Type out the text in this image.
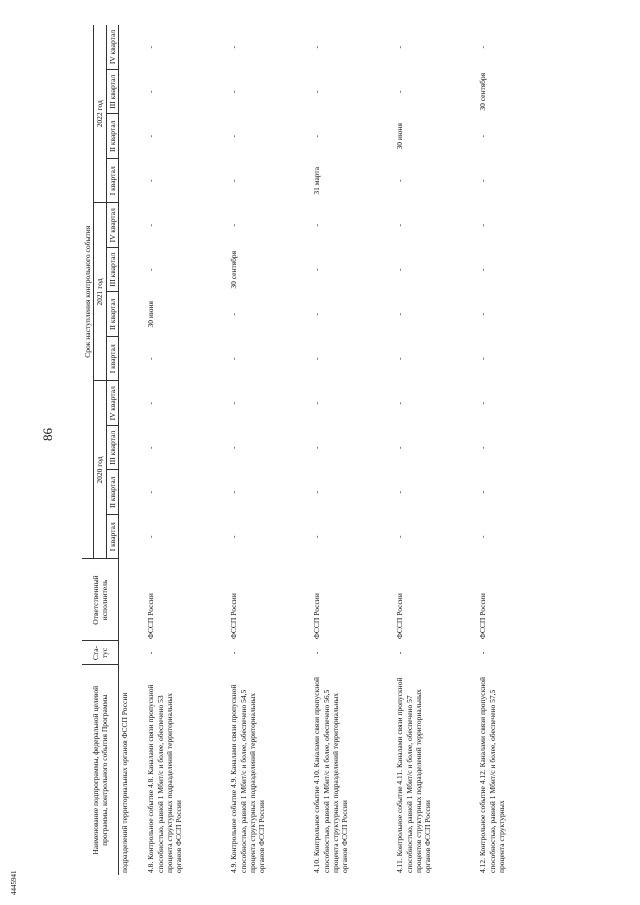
86
4445941
Наименование подпрограммы, федеральной целевой программы, контрольного события Программы	Ста-тус	Ответственный исполнитель	Срок наступления контрольного события											
			2020 год				2021 год				2022 год			
			I квартал	II квартал	III квартал	IV квартал	I квартал	II квартал	III квартал	IV квартал	I квартал	II квартал	III квартал	IV квартал
подразделений территориальных органов ФССП России														
4.8. Контрольное событие 4.8. Каналами связи пропускной способностью, равной 1 Мбит/с и более, обеспечено 53 процента структурных подразделений территориальных органов ФССП России	-	ФССП России	-	-	-	-	-	30 июня	-	-	-	-	-	-
4.9. Контрольное событие 4.9. Каналами связи пропускной способностью, равной 1 Мбит/с и более, обеспечено 54,5 процента структурных подразделений территориальных органов ФССП России	-	ФССП России	-	-	-	-	-	-	30 сентября	-	-	-	-	-
4.10. Контрольное событие 4.10. Каналами связи пропускной способностью, равной 1 Мбит/с и более, обеспечено 56,5 процента структурных подразделений территориальных органов ФССП России	-	ФССП России	-	-	-	-	-	-	-	-	31 марта	-	-	-
4.11. Контрольное событие 4.11. Каналами связи пропускной способностью, равной 1 Мбит/с и более, обеспечено 57 процентов структурных подразделений территориальных органов ФССП России	-	ФССП России	-	-	-	-	-	-	-	-	-	30 июня	-	-
4.12. Контрольное событие 4.12. Каналами связи пропускной способностью, равной 1 Мбит/с и более, обеспечено 57,5 процента структурных	-	ФССП России	-	-	-	-	-	-	-	-	-	-	30 сентября	-
